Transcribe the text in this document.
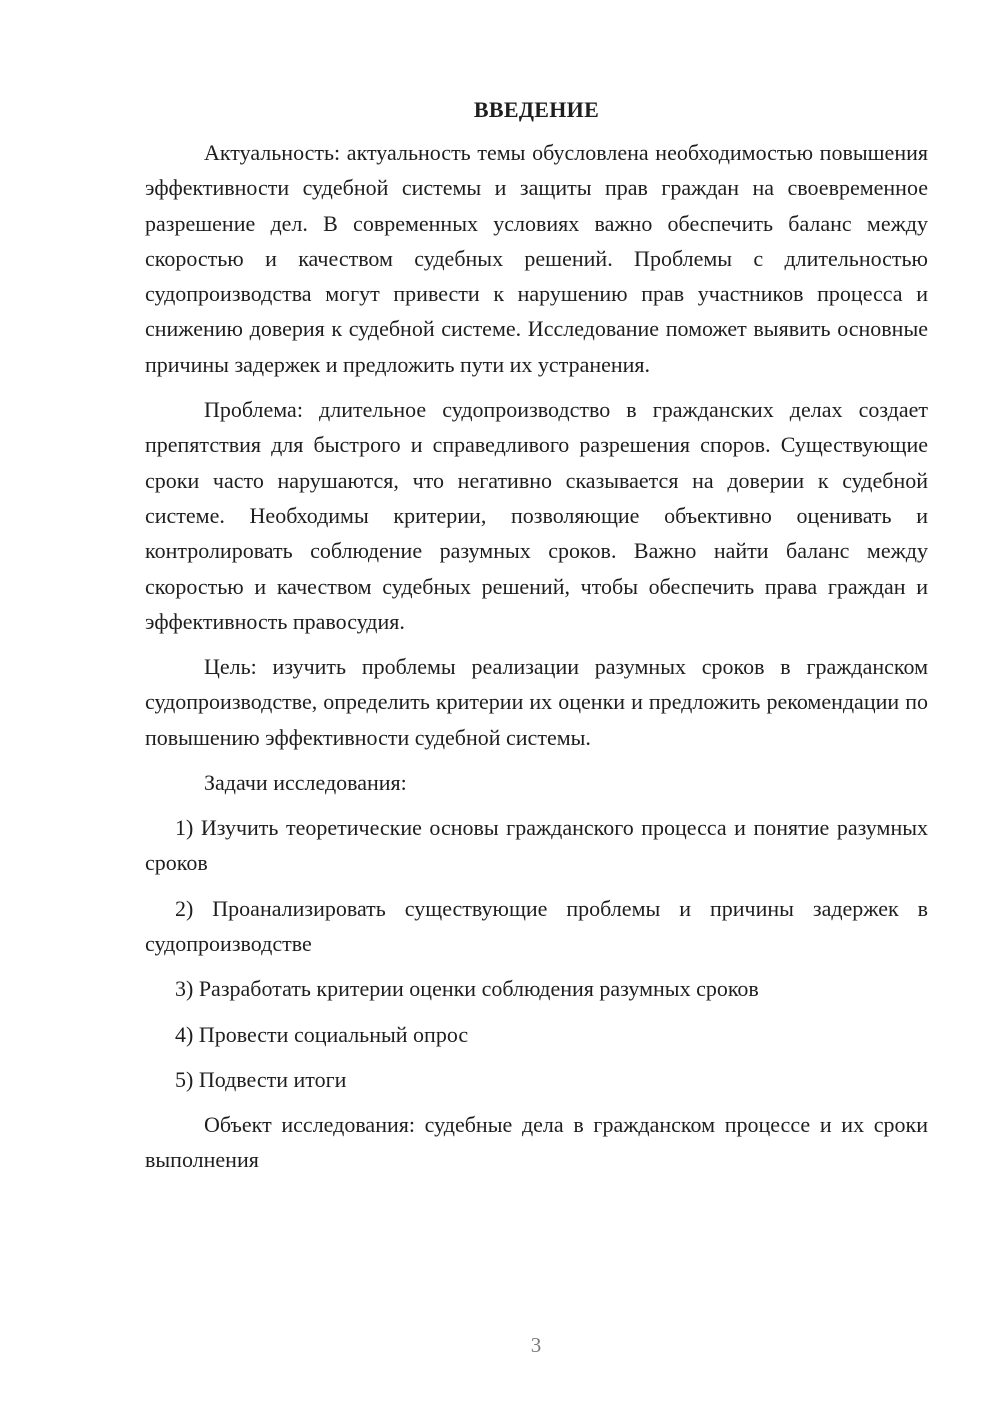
ВВЕДЕНИЕ

Актуальность: актуальность темы обусловлена необходимостью повышения эффективности судебной системы и защиты прав граждан на своевременное разрешение дел. В современных условиях важно обеспечить баланс между скоростью и качеством судебных решений. Проблемы с длительностью судопроизводства могут привести к нарушению прав участников процесса и снижению доверия к судебной системе. Исследование поможет выявить основные причины задержек и предложить пути их устранения.

Проблема: длительное судопроизводство в гражданских делах создает препятствия для быстрого и справедливого разрешения споров. Существующие сроки часто нарушаются, что негативно сказывается на доверии к судебной системе. Необходимы критерии, позволяющие объективно оценивать и контролировать соблюдение разумных сроков. Важно найти баланс между скоростью и качеством судебных решений, чтобы обеспечить права граждан и эффективность правосудия.

Цель: изучить проблемы реализации разумных сроков в гражданском судопроизводстве, определить критерии их оценки и предложить рекомендации по повышению эффективности судебной системы.

Задачи исследования:

1) Изучить теоретические основы гражданского процесса и понятие разумных сроков

2) Проанализировать существующие проблемы и причины задержек в судопроизводстве

3) Разработать критерии оценки соблюдения разумных сроков

4) Провести социальный опрос

5) Подвести итоги

Объект исследования: судебные дела в гражданском процессе и их сроки выполнения

3
